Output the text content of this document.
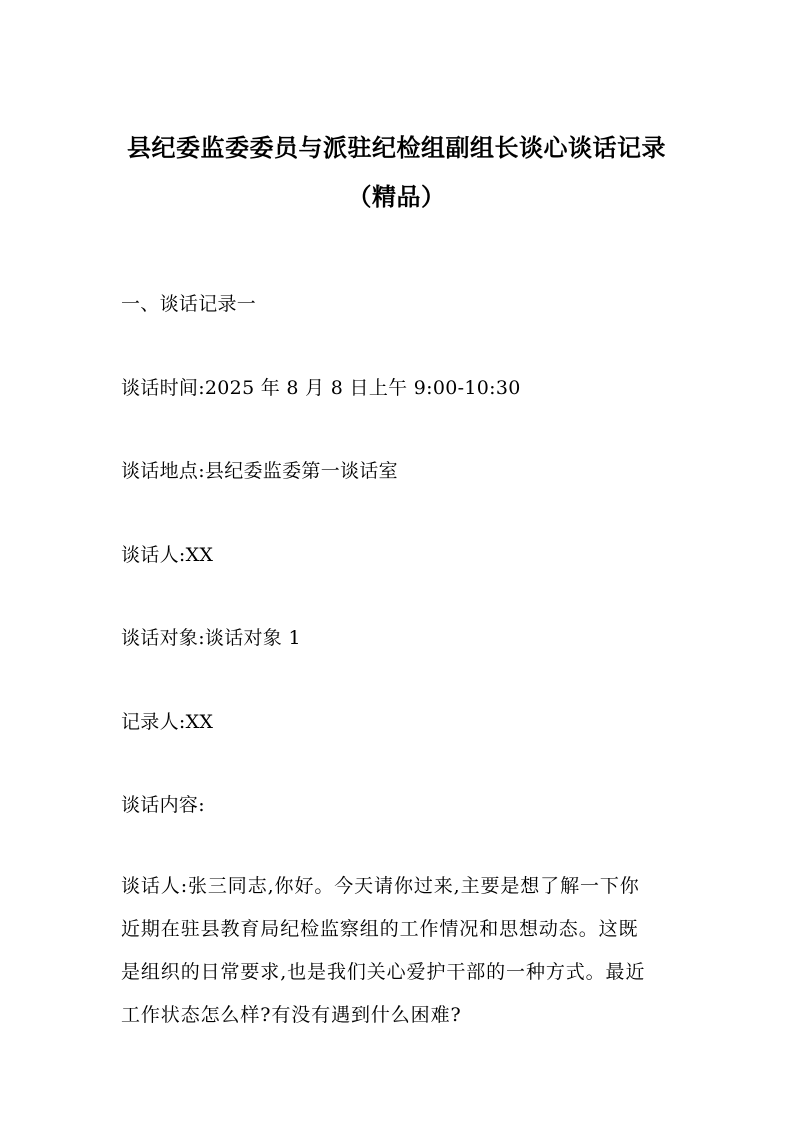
县纪委监委委员与派驻纪检组副组长谈心谈话记录
（精品）
一、谈话记录一
谈话时间:2025 年 8 月 8 日上午 9:00-10:30
谈话地点:县纪委监委第一谈话室
谈话人:XX
谈话对象:谈话对象 1
记录人:XX
谈话内容:
谈话人:张三同志,你好。今天请你过来,主要是想了解一下你
近期在驻县教育局纪检监察组的工作情况和思想动态。这既
是组织的日常要求,也是我们关心爱护干部的一种方式。最近
工作状态怎么样?有没有遇到什么困难?
